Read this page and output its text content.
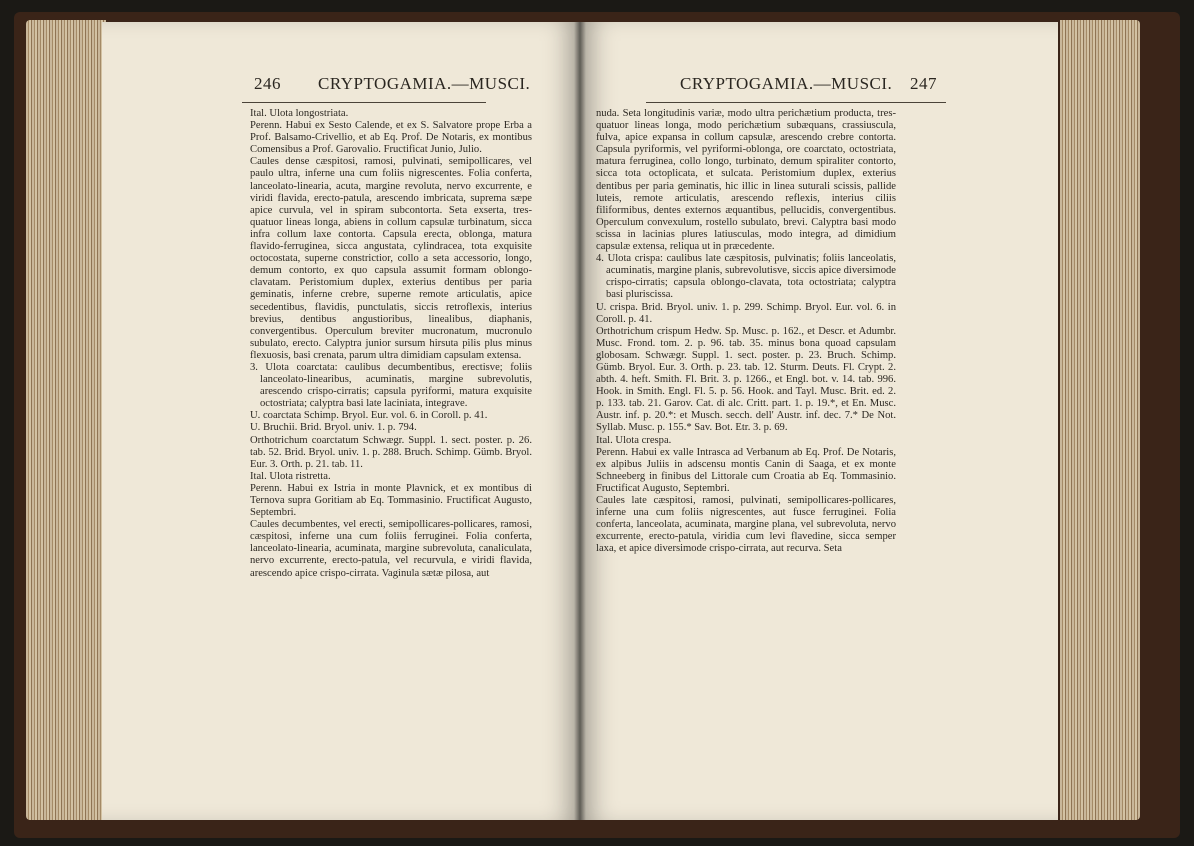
246 CRYPTOGAMIA.—MUSCI.

Ital. Ulota longostriata.

Perenn. Habui ex Sesto Calende, et ex S. Salvatore prope Erba a Prof. Balsamo-Crivellio, et ab Eq. Prof. De Notaris, ex montibus Comensibus a Prof. Garovalio. Fructificat Junio, Julio.

Caules dense cæspitosi, ramosi, pulvinati, semipollicares, vel paulo ultra, inferne una cum foliis nigrescentes. Folia conferta, lanceolato-linearia, acuta, margine revoluta, nervo excurrente, e viridi flavida, erecto-patula, arescendo imbricata, suprema sæpe apice curvula, vel in spiram subcontorta. Seta exserta, tres-quatuor lineas longa, abiens in collum capsulæ turbinatum, sicca infra collum laxe contorta. Capsula erecta, oblonga, matura flavido-ferruginea, sicca angustata, cylindracea, tota exquisite octocostata, superne constrictior, collo a seta accessorio, longo, demum contorto, ex quo capsula assumit formam oblongo-clavatam. Peristomium duplex, exterius dentibus per paria geminatis, inferne crebre, superne remote articulatis, apice secedentibus, flavidis, punctulatis, siccis retroflexis, interius brevius, dentibus angustioribus, linealibus, diaphanis, convergentibus. Operculum breviter mucronatum, mucronulo subulato, erecto. Calyptra junior sursum hirsuta pilis plus minus flexuosis, basi crenata, parum ultra dimidiam capsulam extensa.

3. Ulota coarctata: caulibus decumbentibus, erectisve; foliis lanceolato-linearibus, acuminatis, margine subrevolutis, arescendo crispo-cirratis; capsula pyriformi, matura exquisite octostriata; calyptra basi late laciniata, integrave.

U. coarctata Schimp. Bryol. Eur. vol. 6. in Coroll. p. 41.

U. Bruchii. Brid. Bryol. univ. 1. p. 794.

Orthotrichum coarctatum Schwægr. Suppl. 1. sect. poster. p. 26. tab. 52. Brid. Bryol. univ. 1. p. 288. Bruch. Schimp. Gümb. Bryol. Eur. 3. Orth. p. 21. tab. 11.

Ital. Ulota ristretta.

Perenn. Habui ex Istria in monte Plavnick, et ex montibus di Ternova supra Goritiam ab Eq. Tommasinio. Fructificat Augusto, Septembri.

Caules decumbentes, vel erecti, semipollicares-pollicares, ramosi, cæspitosi, inferne una cum foliis ferruginei. Folia conferta, lanceolato-linearia, acuminata, margine subrevoluta, canaliculata, nervo excurrente, erecto-patula, vel recurvula, e viridi flavida, arescendo apice crispo-cirrata. Vaginula sætæ pilosa, aut

CRYPTOGAMIA.—MUSCI. 247

nuda. Seta longitudinis variæ, modo ultra perichætium producta, tres-quatuor lineas longa, modo perichætium subæquans, crassiuscula, fulva, apice expansa in collum capsulæ, arescendo crebre contorta. Capsula pyriformis, vel pyriformi-oblonga, ore coarctato, octostriata, matura ferruginea, collo longo, turbinato, demum spiraliter contorto, sicca tota octoplicata, et sulcata. Peristomium duplex, exterius dentibus per paria geminatis, hic illic in linea suturali scissis, pallide luteis, remote articulatis, arescendo reflexis, interius ciliis filiformibus, dentes externos æquantibus, pellucidis, convergentibus. Operculum convexulum, rostello subulato, brevi. Calyptra basi modo scissa in lacinias plures latiusculas, modo integra, ad dimidium capsulæ extensa, reliqua ut in præcedente.

4. Ulota crispa: caulibus late cæspitosis, pulvinatis; foliis lanceolatis, acuminatis, margine planis, subrevolutisve, siccis apice diversimode crispo-cirratis; capsula oblongo-clavata, tota octostriata; calyptra basi pluriscissa.

U. crispa. Brid. Bryol. univ. 1. p. 299. Schimp. Bryol. Eur. vol. 6. in Coroll. p. 41.

Orthotrichum crispum Hedw. Sp. Musc. p. 162., et Descr. et Adumbr. Musc. Frond. tom. 2. p. 96. tab. 35. minus bona quoad capsulam globosam. Schwægr. Suppl. 1. sect. poster. p. 23. Bruch. Schimp. Gümb. Bryol. Eur. 3. Orth. p. 23. tab. 12. Sturm. Deuts. Fl. Crypt. 2. abth. 4. heft. Smith. Fl. Brit. 3. p. 1266., et Engl. bot. v. 14. tab. 996. Hook. in Smith. Engl. Fl. 5. p. 56. Hook. and Tayl. Musc. Brit. ed. 2. p. 133. tab. 21. Garov. Cat. di alc. Critt. part. 1. p. 19.*, et En. Musc. Austr. inf. p. 20.*: et Musch. secch. dell' Austr. inf. dec. 7.* De Not. Syllab. Musc. p. 155.* Sav. Bot. Etr. 3. p. 69.

Ital. Ulota crespa.

Perenn. Habui ex valle Intrasca ad Verbanum ab Eq. Prof. De Notaris, ex alpibus Juliis in adscensu montis Canin di Saaga, et ex monte Schneeberg in finibus del Littorale cum Croatia ab Eq. Tommasinio. Fructificat Augusto, Septembri.

Caules late cæspitosi, ramosi, pulvinati, semipollicares-pollicares, inferne una cum foliis nigrescentes, aut fusce ferruginei. Folia conferta, lanceolata, acuminata, margine plana, vel subrevoluta, nervo excurrente, erecto-patula, viridia cum levi flavedine, sicca semper laxa, et apice diversimode crispo-cirrata, aut recurva. Seta
